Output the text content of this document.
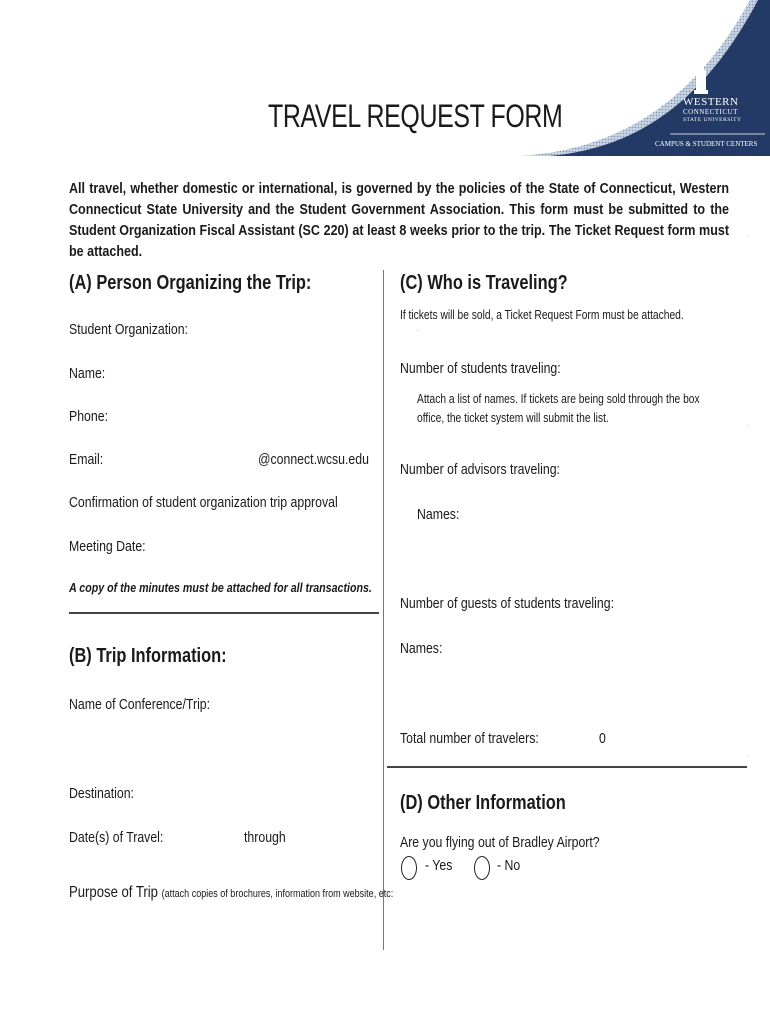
WESTERN
CONNECTICUT
STATE UNIVERSITY
CAMPUS & STUDENT CENTERS
TRAVEL REQUEST FORM
All travel, whether domestic or international, is governed by the policies of the State of Connecticut, Western Connecticut State University and the Student Government Association. This form must be submitted to the Student Organization Fiscal Assistant (SC 220) at least 8 weeks prior to the trip. The Ticket Request form must be attached.
(A) Person Organizing the Trip:
Student Organization:
Name:
Phone:
Email:	@connect.wcsu.edu
Confirmation of student organization trip approval
Meeting Date:
A copy of the minutes must be attached for all transactions.
(B) Trip Information:
Name of Conference/Trip:
Destination:
Date(s) of Travel:	through
Purpose of Trip (attach copies of brochures, information from website, etc:
(C) Who is Traveling?
If tickets will be sold, a Ticket Request Form must be attached.
.
Number of students traveling:
Attach a list of names. If tickets are being sold through the box
office, the ticket system will submit the list.
Number of advisors traveling:
Names:
Number of guests of students traveling:
Names:
Total number of travelers:	0
(D) Other Information
Are you flying out of Bradley Airport?
- Yes	- No
.
.
.
